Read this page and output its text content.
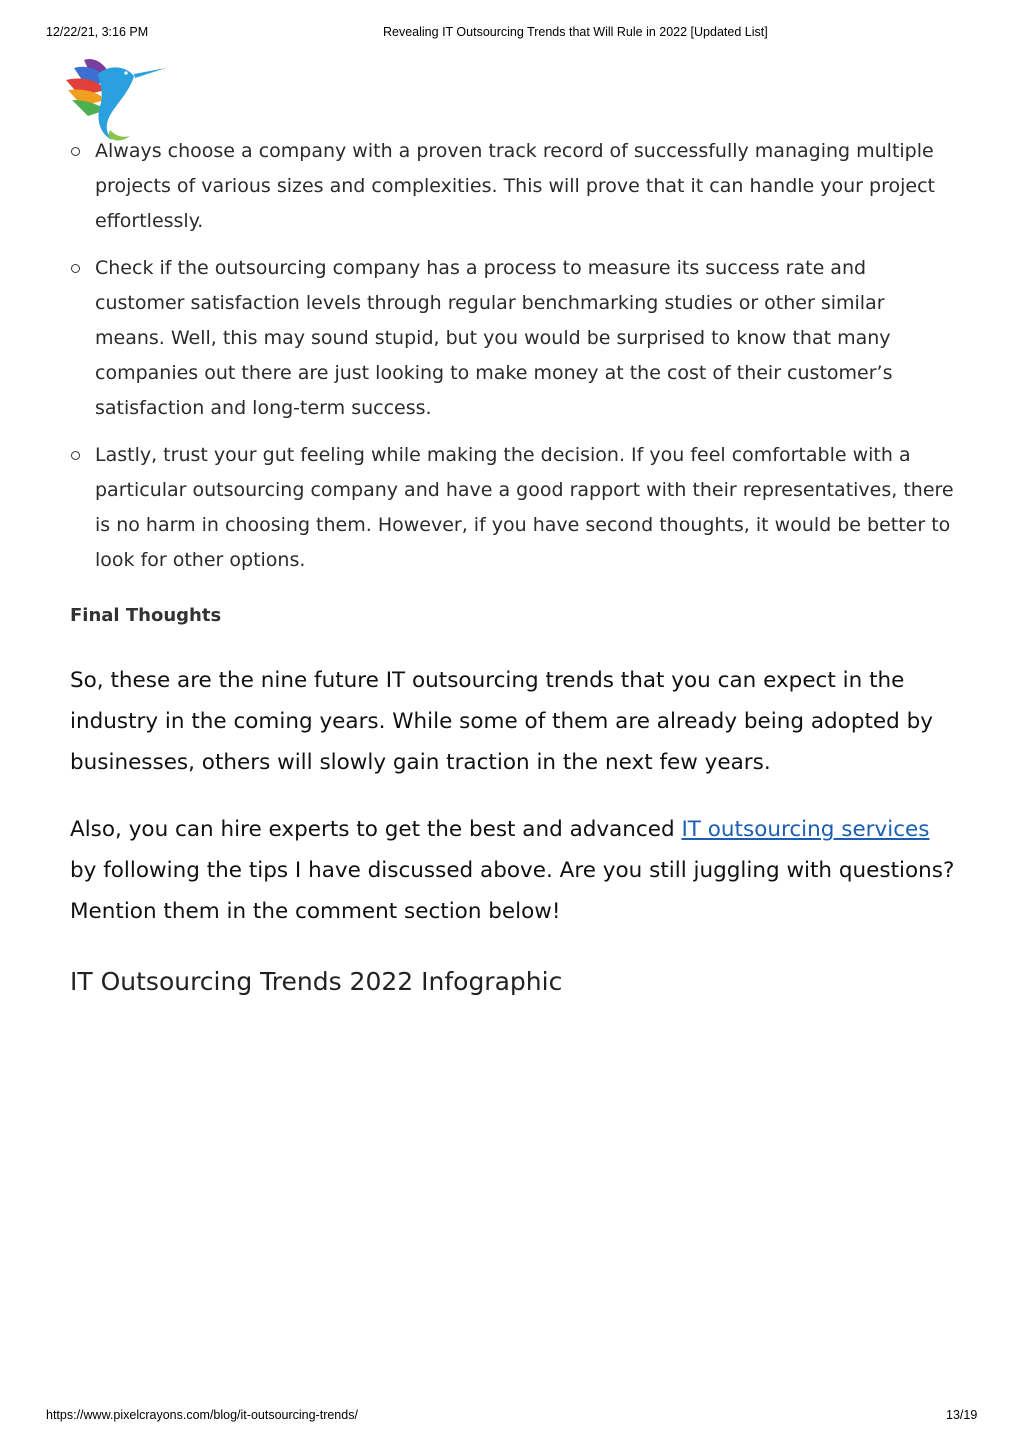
12/22/21, 3:16 PM	Revealing IT Outsourcing Trends that Will Rule in 2022 [Updated List]
Always choose a company with a proven track record of successfully managing multiple projects of various sizes and complexities. This will prove that it can handle your project effortlessly.
Check if the outsourcing company has a process to measure its success rate and customer satisfaction levels through regular benchmarking studies or other similar means. Well, this may sound stupid, but you would be surprised to know that many companies out there are just looking to make money at the cost of their customer’s satisfaction and long-term success.
Lastly, trust your gut feeling while making the decision. If you feel comfortable with a particular outsourcing company and have a good rapport with their representatives, there is no harm in choosing them. However, if you have second thoughts, it would be better to look for other options.
Final Thoughts

So, these are the nine future IT outsourcing trends that you can expect in the industry in the coming years. While some of them are already being adopted by businesses, others will slowly gain traction in the next few years.

Also, you can hire experts to get the best and advanced IT outsourcing services by following the tips I have discussed above. Are you still juggling with questions? Mention them in the comment section below!

IT Outsourcing Trends 2022 Infographic
https://www.pixelcrayons.com/blog/it-outsourcing-trends/	13/19
